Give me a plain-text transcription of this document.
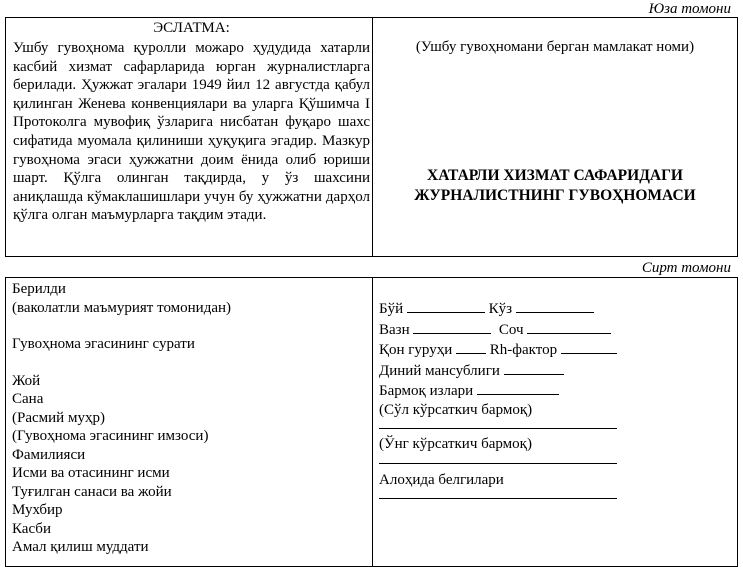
Юза томони
ЭСЛАТМА:
Ушбу гувоҳнома қуролли можаро ҳудудида хатарли касбий хизмат сафарларида юрган журналистларга берилади. Ҳужжат эгалари 1949 йил 12 августда қабул қилинган Женева конвенциялари ва уларга Қўшимча I Протоколга мувофиқ ўзларига нисбатан фуқаро шахс сифатида муомала қилиниши ҳуқуқига эгадир. Мазкур гувоҳнома эгаси ҳужжатни доим ёнида олиб юриши шарт. Қўлга олинган тақдирда, у ўз шахсини аниқлашда кўмаклашишлари учун бу ҳужжатни дарҳол қўлга олган маъмурларга тақдим этади.
(Ушбу гувоҳномани берган мамлакат номи)
ХАТАРЛИ ХИЗМАТ САФАРИДАГИ
ЖУРНАЛИСТНИНГ ГУВОҲНОМАСИ
Сирт томони
Берилди
(ваколатли маъмурият томонидан)
Гувоҳнома эгасининг сурати
Жой
Сана
(Расмий муҳр)
(Гувоҳнома эгасининг имзоси)
Фамилияси
Исми ва отасининг исми
Туғилган санаси ва жойи
Мухбир
Касби
Амал қилиш муддати
Бўй	Кўз
Вазн	Соч
Қон гуруҳи	Rh-фактор
Диний мансублиги
Бармоқ излари
(Сўл кўрсаткич бармоқ)
(Ўнг кўрсаткич бармоқ)
Алоҳида белгилари
